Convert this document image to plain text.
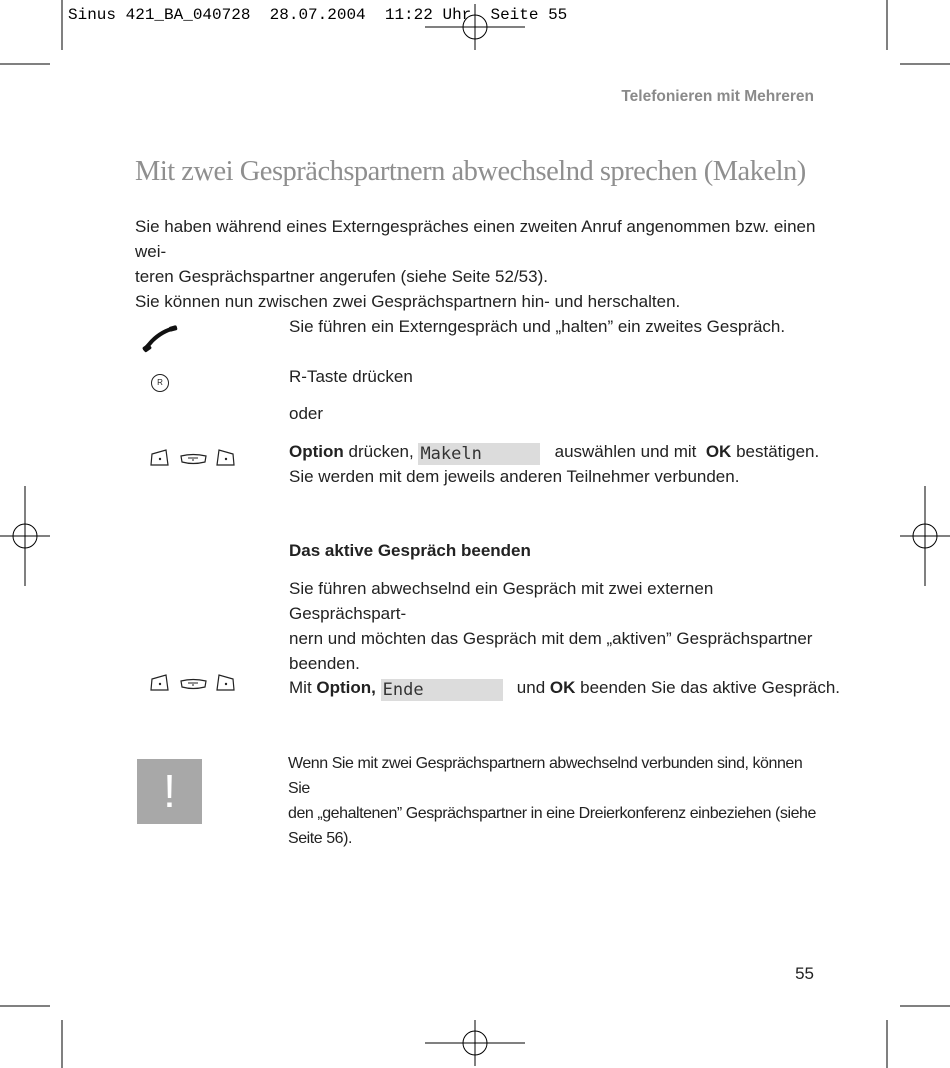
Sinus 421_BA_040728  28.07.2004  11:22 Uhr  Seite 55
Telefonieren mit Mehreren
Mit zwei Gesprächspartnern abwechselnd sprechen (Makeln)
Sie haben während eines Externgespräches einen zweiten Anruf angenommen bzw. einen wei-
teren Gesprächspartner angerufen (siehe Seite 52/53).
Sie können nun zwischen zwei Gesprächspartnern hin- und herschalten.
Sie führen ein Externgespräch und „halten” ein zweites Gespräch.
R	R-Taste drücken
oder
Option drücken, Makeln	auswählen und mit OK bestätigen.
Sie werden mit dem jeweils anderen Teilnehmer verbunden.
Das aktive Gespräch beenden
Sie führen abwechselnd ein Gespräch mit zwei externen Gesprächspart-
nern und möchten das Gespräch mit dem „aktiven” Gesprächspartner
beenden.
Mit Option, Ende	und OK beenden Sie das aktive Gespräch.
!
Wenn Sie mit zwei Gesprächspartnern abwechselnd verbunden sind, können Sie
den „gehaltenen” Gesprächspartner in eine Dreierkonferenz einbeziehen (siehe
Seite 56).
55
